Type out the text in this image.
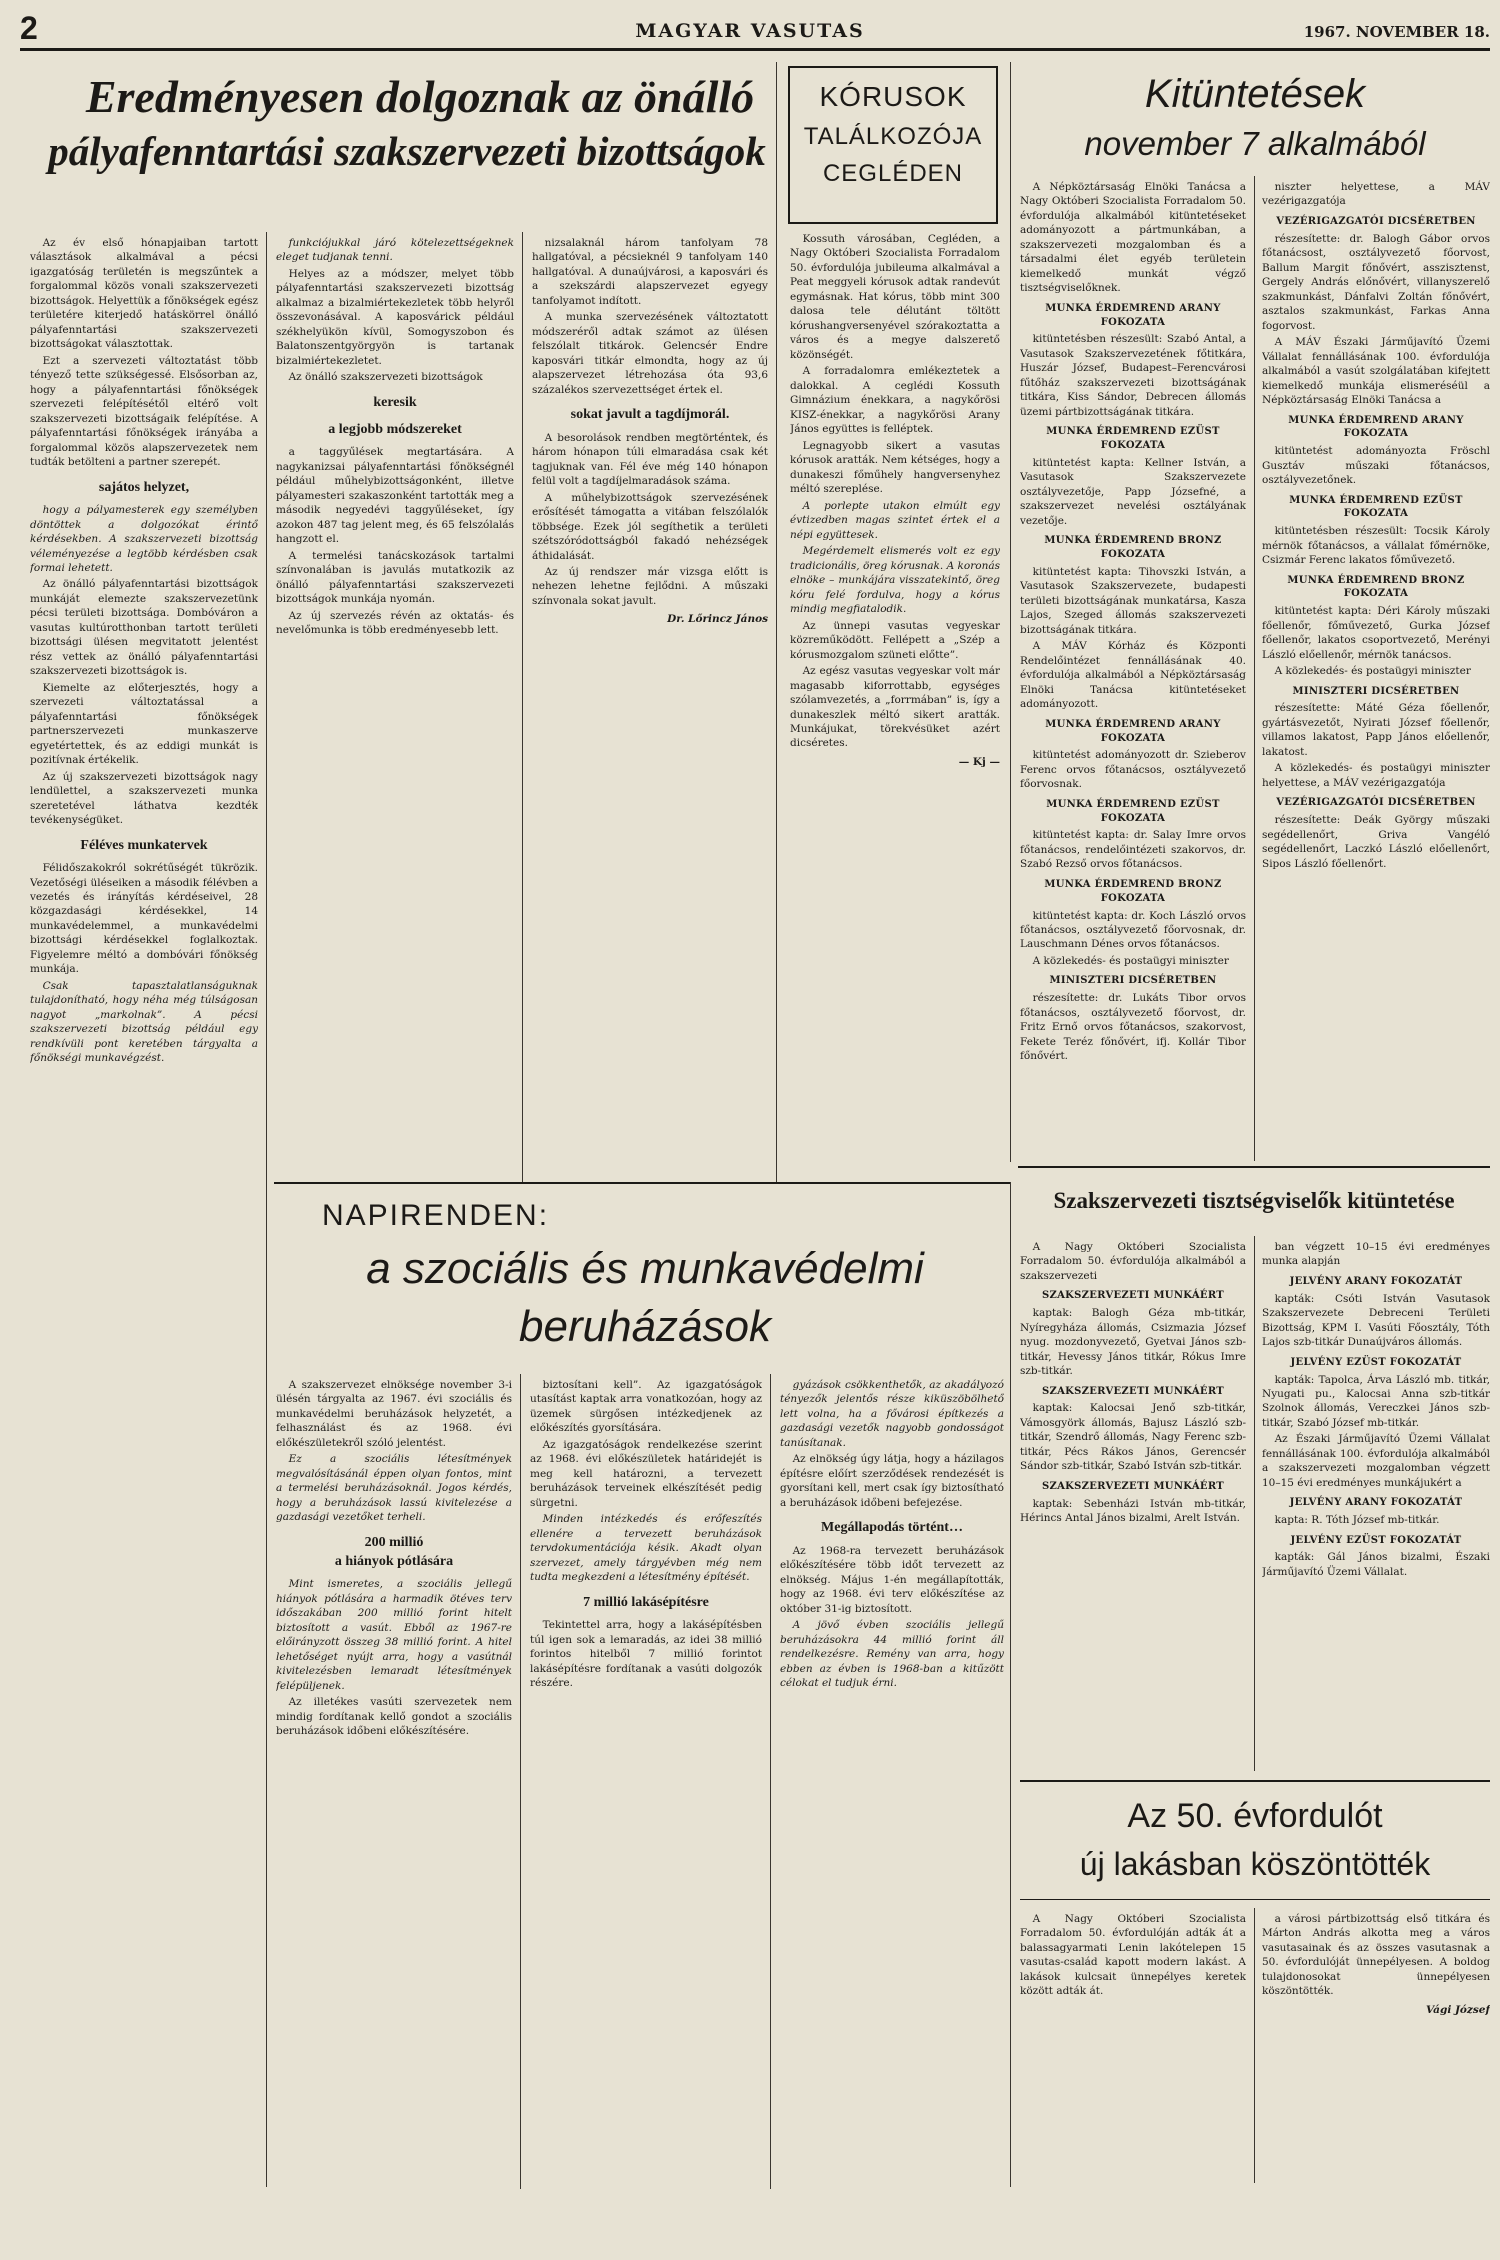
2	MAGYAR VASUTAS	1967. NOVEMBER 18.
Eredményesen dolgoznak az önálló
pályafenntartási szakszervezeti bizottságok

Az év első hónapjaiban tartott választások alkalmával a pécsi igazgatóság területén is megszűntek a forgalommal közös vonali szakszervezeti bizottságok. Helyettük a főnökségek egész területére kiterjedő hatáskörrel önálló pályafenntartási szakszervezeti bizottságokat választottak.

Ezt a szervezeti változtatást több tényező tette szükségessé. Elsősorban az, hogy a pályafenntartási főnökségek szervezeti felépítésétől eltérő volt szakszervezeti bizottságaik felépítése. A pályafenntartási főnökségek irányába a forgalommal közös alapszervezetek nem tudták betölteni a partner szerepét.

sajátos helyzet,

hogy a pályamesterek egy személyben döntöttek a dolgozókat érintő kérdésekben. A szakszervezeti bizottság véleményezése a legtöbb kérdésben csak formai lehetett.

Az önálló pályafenntartási bizottságok munkáját elemezte szakszervezetünk pécsi területi bizottsága. Dombóváron a vasutas kultúrotthonban tartott területi bizottsági ülésen megvitatott jelentést rész vettek az önálló pályafenntartási szakszervezeti bizottságok is.

Kiemelte az előterjesztés, hogy a szervezeti változtatással a pályafenntartási főnökségek partnerszervezeti munkaszerve egyetértettek, és az eddigi munkát is pozitívnak értékelik.

Az új szakszervezeti bizottságok nagy lendülettel, a szakszervezeti munka szeretetével láthatva kezdték tevékenységüket.

Féléves munkatervek

Félidőszakokról sokrétűségét tükrözik. Vezetőségi üléseiken a második félévben a vezetés és irányítás kérdéseivel, 28 közgazdasági kérdésekkel, 14 munkavédelemmel, a munkavédelmi bizottsági kérdésekkel foglalkoztak. Figyelemre méltó a dombóvári főnökség munkája.

Csak tapasztalatlanságuknak tulajdonítható, hogy néha még túlságosan nagyot „markolnak”. A pécsi szakszervezeti bizottság például egy rendkívüli pont keretében tárgyalta a főnökségi munkavégzést.

funkciójukkal járó kötelezettségeknek eleget tudjanak tenni.

Helyes az a módszer, melyet több pályafenntartási szakszervezeti bizottság alkalmaz a bizalmiértekezletek több helyről összevonásával. A kaposvárick például székhelyükön kívül, Somogyszobon és Balatonszentgyörgyön is tartanak bizalmiértekezletet.

Az önálló szakszervezeti bizottságok

keresik
a legjobb módszereket

a taggyűlések megtartására. A nagykanizsai pályafenntartási főnökségnél például műhelybizottságonként, illetve pályamesteri szakaszonként tartották meg a második negyedévi taggyűléseket, így azokon 487 tag jelent meg, és 65 felszólalás hangzott el.

A termelési tanácskozások tartalmi színvonalában is javulás mutatkozik az önálló pályafenntartási szakszervezeti bizottságok munkája nyomán.

Az új szervezés révén az oktatás- és nevelőmunka is több eredményesebb lett.

nizsalaknál három tanfolyam 78 hallgatóval, a pécsieknél 9 tanfolyam 140 hallgatóval. A dunaújvárosi, a kaposvári és a szekszárdi alapszervezet egyegy tanfolyamot indított.

A munka szervezésének változtatott módszeréről adtak számot az ülésen felszólalt titkárok. Gelencsér Endre kaposvári titkár elmondta, hogy az új alapszervezet létrehozása óta 93,6 százalékos szervezettséget értek el.

sokat javult a tagdíjmorál.

A besorolások rendben megtörténtek, és három hónapon túli elmaradása csak két tagjuknak van. Fél éve még 140 hónapon felül volt a tagdíjelmaradások száma.

A műhelybizottságok szervezésének erősítését támogatta a vitában felszólalók többsége. Ezek jól segíthetik a területi szétszóródottságból fakadó nehézségek áthidalását.

Az új rendszer már vizsga előtt is nehezen lehetne fejlődni. A műszaki színvonala sokat javult.

Dr. Lőrincz János
KÓRUSOK
TALÁLKOZÓJA
CEGLÉDEN

Kossuth városában, Cegléden, a Nagy Októberi Szocialista Forradalom 50. évfordulója jubileuma alkalmával a Peat meggyeli kórusok adtak randevút egymásnak. Hat kórus, több mint 300 dalosa tele délutánt töltött kórushangversenyével szórakoztatta a város és a megye dalszerető közönségét.

A forradalomra emlékeztetek a dalokkal. A ceglédi Kossuth Gimnázium énekkara, a nagykőrösi KISZ-énekkar, a nagykőrösi Arany János együttes is felléptek.

Legnagyobb sikert a vasutas kórusok aratták. Nem kétséges, hogy a dunakeszi főműhely hangversenyhez méltó szereplése.

A porlepte utakon elmúlt egy évtizedben magas szintet értek el a népi együttesek.

Megérdemelt elismerés volt ez egy tradicionális, öreg kórusnak. A koronás elnöke – munkájára visszatekintő, öreg kóru felé fordulva, hogy a kórus mindig megfiatalodik.

Az ünnepi vasutas vegyeskar közreműködött. Fellépett a „Szép a kórusmozgalom szüneti előtte”.

Az egész vasutas vegyeskar volt már magasabb kiforrottabb, egységes szólamvezetés, a „forrmában” is, így a dunakeszlek méltó sikert aratták. Munkájukat, törekvésüket azért dicséretes.

— Kj —
Kitüntetések
november 7 alkalmából

A Népköztársaság Elnöki Tanácsa a Nagy Októberi Szocialista Forradalom 50. évfordulója alkalmából kitüntetéseket adományozott a pártmunkában, a szakszervezeti mozgalomban és a társadalmi élet egyéb területein kiemelkedő munkát végző tisztségviselőknek.

MUNKA ÉRDEMREND ARANY FOKOZATA

kitüntetésben részesült: Szabó Antal, a Vasutasok Szakszervezetének főtitkára, Huszár József, Budapest–Ferencvárosi fűtőház szakszervezeti bizottságának titkára, Kiss Sándor, Debrecen állomás üzemi pártbizottságának titkára.

MUNKA ÉRDEMREND EZÜST FOKOZATA

kitüntetést kapta: Kellner István, a Vasutasok Szakszervezete osztályvezetője, Papp Józsefné, a szakszervezet nevelési osztályának vezetője.

MUNKA ÉRDEMREND BRONZ FOKOZATA

kitüntetést kapta: Tihovszki István, a Vasutasok Szakszervezete, budapesti területi bizottságának munkatársa, Kasza Lajos, Szeged állomás szakszervezeti bizottságának titkára.

A MÁV Kórház és Központi Rendelőintézet fennállásának 40. évfordulója alkalmából a Népköztársaság Elnöki Tanácsa kitüntetéseket adományozott.

MUNKA ÉRDEMREND ARANY FOKOZATA

kitüntetést adományozott dr. Szieberov Ferenc orvos főtanácsos, osztályvezető főorvosnak.

MUNKA ÉRDEMREND EZÜST FOKOZATA

kitüntetést kapta: dr. Salay Imre orvos főtanácsos, rendelőintézeti szakorvos, dr. Szabó Rezső orvos főtanácsos.

MUNKA ÉRDEMREND BRONZ FOKOZATA

kitüntetést kapta: dr. Koch László orvos főtanácsos, osztályvezető főorvosnak, dr. Lauschmann Dénes orvos főtanácsos.

A közlekedés- és postaügyi miniszter

MINISZTERI DICSÉRETBEN

részesítette: dr. Lukáts Tibor orvos főtanácsos, osztályvezető főorvost, dr. Fritz Ernő orvos főtanácsos, szakorvost, Fekete Teréz főnővért, ifj. Kollár Tibor főnővért.

niszter helyettese, a MÁV vezérigazgatója

VEZÉRIGAZGATÓI DICSÉRETBEN

részesítette: dr. Balogh Gábor orvos főtanácsost, osztályvezető főorvost, Ballum Margit főnővért, asszisztenst, Gergely András előnővért, villanyszerelő szakmunkást, Dánfalvi Zoltán főnővért, asztalos szakmunkást, Farkas Anna fogorvost.

A MÁV Északi Járműjavító Üzemi Vállalat fennállásának 100. évfordulója alkalmából a vasút szolgálatában kifejtett kiemelkedő munkája elismeréséül a Népköztársaság Elnöki Tanácsa a

MUNKA ÉRDEMREND ARANY FOKOZATA

kitüntetést adományozta Fröschl Gusztáv műszaki főtanácsos, osztályvezetőnek.

MUNKA ÉRDEMREND EZÜST FOKOZATA

kitüntetésben részesült: Tocsik Károly mérnök főtanácsos, a vállalat főmérnöke, Csizmár Ferenc lakatos főművezető.

MUNKA ÉRDEMREND BRONZ FOKOZATA

kitüntetést kapta: Déri Károly műszaki főellenőr, főművezető, Gurka József főellenőr, lakatos csoportvezető, Merényi László előellenőr, mérnök tanácsos.

A közlekedés- és postaügyi miniszter

MINISZTERI DICSÉRETBEN

részesítette: Máté Géza főellenőr, gyártásvezetőt, Nyirati József főellenőr, villamos lakatost, Papp János előellenőr, lakatost.

A közlekedés- és postaügyi miniszter helyettese, a MÁV vezérigazgatója

VEZÉRIGAZGATÓI DICSÉRETBEN

részesítette: Deák György műszaki segédellenőrt, Griva Vangéló segédellenőrt, Laczkó László előellenőrt, Sipos László főellenőrt.

NAPIRENDEN:
a szociális és munkavédelmi
beruházások

A szakszervezet elnöksége november 3-i ülésén tárgyalta az 1967. évi szociális és munkavédelmi beruházások helyzetét, a felhasználást és az 1968. évi előkészületekről szóló jelentést.

Ez a szociális létesítmények megvalósításánál éppen olyan fontos, mint a termelési beruházásoknál. Jogos kérdés, hogy a beruházások lassú kivitelezése a gazdasági vezetőket terheli.

200 millió
a hiányok pótlására

Mint ismeretes, a szociális jellegű hiányok pótlására a harmadik ötéves terv időszakában 200 millió forint hitelt biztosított a vasút. Ebből az 1967-re előirányzott összeg 38 millió forint. A hitel lehetőséget nyújt arra, hogy a vasútnál kivitelezésben lemaradt létesítmények felépüljenek.

Az illetékes vasúti szervezetek nem mindig fordítanak kellő gondot a szociális beruházások időbeni előkészítésére.

biztosítani kell”. Az igazgatóságok utasítást kaptak arra vonatkozóan, hogy az üzemek sürgősen intézkedjenek az előkészítés gyorsítására.

Az igazgatóságok rendelkezése szerint az 1968. évi előkészületek határidejét is meg kell határozni, a tervezett beruházások terveinek elkészítését pedig sürgetni.

Minden intézkedés és erőfeszítés ellenére a tervezett beruházások tervdokumentációja késik. Akadt olyan szervezet, amely tárgyévben még nem tudta megkezdeni a létesítmény építését.

7 millió lakásépítésre

Tekintettel arra, hogy a lakásépítésben túl igen sok a lemaradás, az idei 38 millió forintos hitelből 7 millió forintot lakásépítésre fordítanak a vasúti dolgozók részére.

gyázások csökkenthetők, az akadályozó tényezők jelentős része kiküszöbölhető lett volna, ha a fővárosi építkezés a gazdasági vezetők nagyobb gondosságot tanúsítanak.

Az elnökség úgy látja, hogy a házilagos építésre előírt szerződések rendezését is gyorsítani kell, mert csak így biztosítható a beruházások időbeni befejezése.

Megállapodás történt…

Az 1968-ra tervezett beruházások előkészítésére több időt tervezett az elnökség. Május 1-én megállapították, hogy az 1968. évi terv előkészítése az október 31-ig biztosított.

A jövő évben szociális jellegű beruházásokra 44 millió forint áll rendelkezésre. Remény van arra, hogy ebben az évben is 1968-ban a kitűzött célokat el tudjuk érni.

Szakszervezeti tisztségviselők kitüntetése

A Nagy Októberi Szocialista Forradalom 50. évfordulója alkalmából a szakszervezeti

SZAKSZERVEZETI MUNKÁÉRT

kaptak: Balogh Géza mb-titkár, Nyíregyháza állomás, Csizmazia József nyug. mozdonyvezető, Gyetvai János szb-titkár, Hevessy János titkár, Rókus Imre szb-titkár.

SZAKSZERVEZETI MUNKÁÉRT

kaptak: Kalocsai Jenő szb-titkár, Vámosgyörk állomás, Bajusz László szb-titkár, Szendrő állomás, Nagy Ferenc szb-titkár, Pécs Rákos János, Gerencsér Sándor szb-titkár, Szabó István szb-titkár.

SZAKSZERVEZETI MUNKÁÉRT

kaptak: Sebenházi István mb-titkár, Hérincs Antal János bizalmi, Arelt István.

ban végzett 10–15 évi eredményes munka alapján

JELVÉNY ARANY FOKOZATÁT

kapták: Csóti István Vasutasok Szakszervezete Debreceni Területi Bizottság, KPM I. Vasúti Főosztály, Tóth Lajos szb-titkár Dunaújváros állomás.

JELVÉNY EZÜST FOKOZATÁT

kapták: Tapolca, Árva László mb. titkár, Nyugati pu., Kalocsai Anna szb-titkár Szolnok állomás, Vereczkei János szb-titkár, Szabó József mb-titkár.

Az Északi Járműjavító Üzemi Vállalat fennállásának 100. évfordulója alkalmából a szakszervezeti mozgalomban végzett 10–15 évi eredményes munkájukért a

JELVÉNY ARANY FOKOZATÁT

kapta: R. Tóth József mb-titkár.

JELVÉNY EZÜST FOKOZATÁT

kapták: Gál János bizalmi, Északi Járműjavító Üzemi Vállalat.

Az 50. évfordulót
új lakásban köszöntötték

A Nagy Októberi Szocialista Forradalom 50. évfordulóján adták át a balassagyarmati Lenin lakótelepen 15 vasutas-család kapott modern lakást. A lakások kulcsait ünnepélyes keretek között adták át.

a városi pártbizottság első titkára és Márton András alkotta meg a város vasutasainak és az összes vasutasnak a 50. évfordulóját ünnepélyesen. A boldog tulajdonosokat ünnepélyesen köszöntötték.

Vági József
